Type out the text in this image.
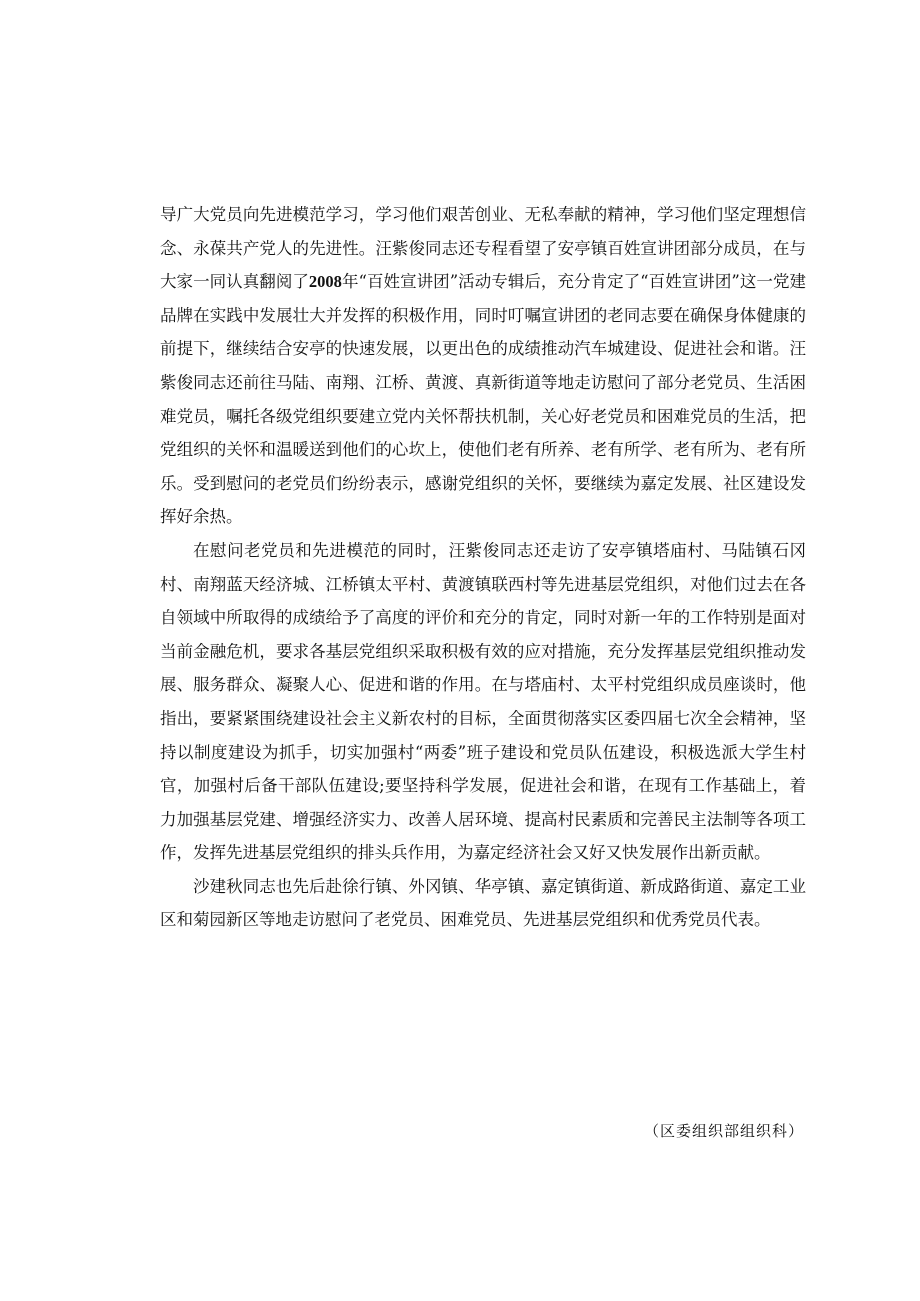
导广大党员向先进模范学习，学习他们艰苦创业、无私奉献的精神，学习他们坚定理想信念、永葆共产党人的先进性。汪紫俊同志还专程看望了安亭镇百姓宣讲团部分成员，在与大家一同认真翻阅了2008年“百姓宣讲团”活动专辑后，充分肯定了“百姓宣讲团”这一党建品牌在实践中发展壮大并发挥的积极作用，同时叮嘱宣讲团的老同志要在确保身体健康的前提下，继续结合安亭的快速发展，以更出色的成绩推动汽车城建设、促进社会和谐。汪紫俊同志还前往马陆、南翔、江桥、黄渡、真新街道等地走访慰问了部分老党员、生活困难党员，嘱托各级党组织要建立党内关怀帮扶机制，关心好老党员和困难党员的生活，把党组织的关怀和温暖送到他们的心坎上，使他们老有所养、老有所学、老有所为、老有所乐。受到慰问的老党员们纷纷表示，感谢党组织的关怀，要继续为嘉定发展、社区建设发挥好余热。

在慰问老党员和先进模范的同时，汪紫俊同志还走访了安亭镇塔庙村、马陆镇石冈村、南翔蓝天经济城、江桥镇太平村、黄渡镇联西村等先进基层党组织，对他们过去在各自领域中所取得的成绩给予了高度的评价和充分的肯定，同时对新一年的工作特别是面对当前金融危机，要求各基层党组织采取积极有效的应对措施，充分发挥基层党组织推动发展、服务群众、凝聚人心、促进和谐的作用。在与塔庙村、太平村党组织成员座谈时，他指出，要紧紧围绕建设社会主义新农村的目标，全面贯彻落实区委四届七次全会精神，坚持以制度建设为抓手，切实加强村“两委”班子建设和党员队伍建设，积极选派大学生村官，加强村后备干部队伍建设;要坚持科学发展，促进社会和谐，在现有工作基础上，着力加强基层党建、增强经济实力、改善人居环境、提高村民素质和完善民主法制等各项工作，发挥先进基层党组织的排头兵作用，为嘉定经济社会又好又快发展作出新贡献。

沙建秋同志也先后赴徐行镇、外冈镇、华亭镇、嘉定镇街道、新成路街道、嘉定工业区和菊园新区等地走访慰问了老党员、困难党员、先进基层党组织和优秀党员代表。

（区委组织部组织科）
